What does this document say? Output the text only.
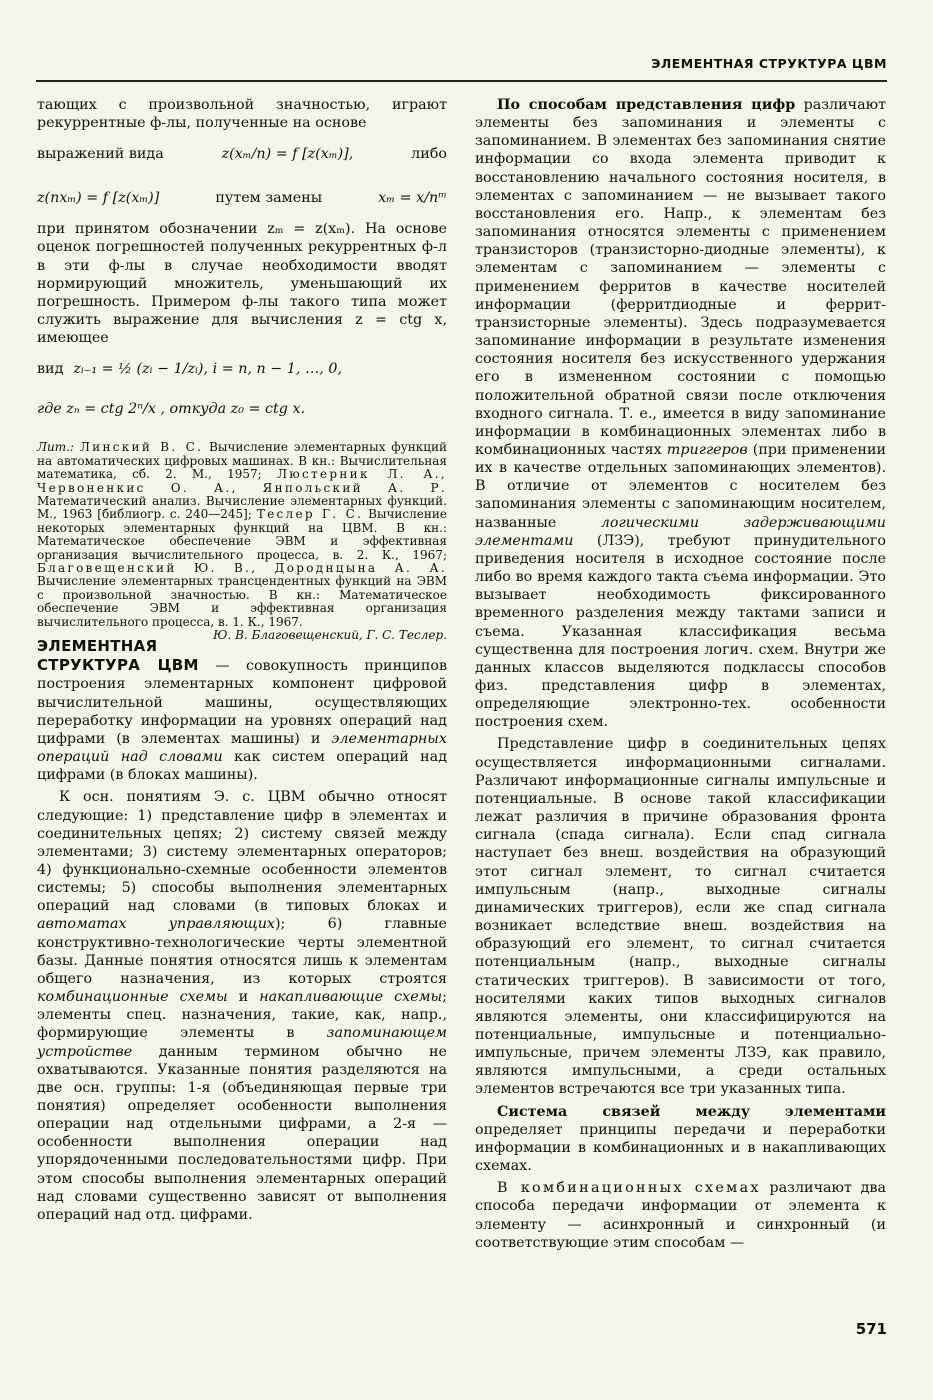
ЭЛЕМЕНТНАЯ СТРУКТУРА ЦВМ

тающих с произвольной значностью, играют рекуррентные ф-лы, полученные на основе

выражений вида	z(xₘ/n) = f [z(xₘ)],	либо
z(nxₘ) = f [z(xₘ)]	путем замены	xₘ = x/nᵐ

при принятом обозначении zₘ = z(xₘ). На основе оценок погрешностей полученных рекуррентных ф-л в эти ф-лы в случае необходимости вводят нормирующий множитель, уменьшающий их погрешность. Примером ф-лы такого типа может служить выражение для вычисления z = ctg x, имеющее

вид zᵢ₋₁ = ½ (zᵢ − 1/zᵢ), i = n, n − 1, …, 0,
где zₙ = ctg 2ⁿ/x , откуда z₀ = ctg x.

Лит.: Линский В. С. Вычисление элементарных функций на автоматических цифровых машинах. В кн.: Вычислительная математика, сб. 2. М., 1957; Люстерник Л. А., Червоненкис О. А., Янпольский А. Р. Математический анализ. Вычисление элементарных функций. М., 1963 [библиогр. с. 240—245]; Теслер Г. С. Вычисление некоторых элементарных функций на ЦВМ. В кн.: Математическое обеспечение ЭВМ и эффективная организация вычислительного процесса, в. 2. К., 1967; Благовещенский Ю. В., Дороднцына А. А. Вычисление элементарных трансцендентных функций на ЭВМ с произвольной значностью. В кн.: Математическое обеспечение ЭВМ и эффективная организация вычислительного процесса, в. 1. К., 1967.
Ю. В. Благовещенский, Г. С. Теслер.

ЭЛЕМЕНТНАЯ СТРУКТУРА ЦВМ — совокупность принципов построения элементарных компонент цифровой вычислительной машины, осуществляющих переработку информации на уровнях операций над цифрами (в элементах машины) и элементарных операций над словами как систем операций над цифрами (в блоках машины).

К осн. понятиям Э. с. ЦВМ обычно относят следующие: 1) представление цифр в элементах и соединительных цепях; 2) систему связей между элементами; 3) систему элементарных операторов; 4) функционально-схемные особенности элементов системы; 5) способы выполнения элементарных операций над словами (в типовых блоках и автоматах управляющих); 6) главные конструктивно-технологические черты элементной базы. Данные понятия относятся лишь к элементам общего назначения, из которых строятся комбинационные схемы и накапливающие схемы; элементы спец. назначения, такие, как, напр., формирующие элементы в запоминающем устройстве данным термином обычно не охватываются. Указанные понятия разделяются на две осн. группы: 1-я (объединяющая первые три понятия) определяет особенности выполнения операции над отдельными цифрами, а 2-я — особенности выполнения операции над упорядоченными последовательностями цифр. При этом способы выполнения элементарных операций над словами существенно зависят от выполнения операций над отд. цифрами.

По способам представления цифр различают элементы без запоминания и элементы с запоминанием. В элементах без запоминания снятие информации со входа элемента приводит к восстановлению начального состояния носителя, в элементах с запоминанием — не вызывает такого восстановления его. Напр., к элементам без запоминания относятся элементы с применением транзисторов (транзисторно-диодные элементы), к элементам с запоминанием — элементы с применением ферритов в качестве носителей информации (ферритдиодные и феррит-транзисторные элементы). Здесь подразумевается запоминание информации в результате изменения состояния носителя без искусственного удержания его в измененном состоянии с помощью положительной обратной связи после отключения входного сигнала. Т. е., имеется в виду запоминание информации в комбинационных элементах либо в комбинационных частях триггеров (при применении их в качестве отдельных запоминающих элементов). В отличие от элементов с носителем без запоминания элементы с запоминающим носителем, названные логическими задерживающими элементами (ЛЗЭ), требуют принудительного приведения носителя в исходное состояние после либо во время каждого такта съема информации. Это вызывает необходимость фиксированного временного разделения между тактами записи и съема. Указанная классификация весьма существенна для построения логич. схем. Внутри же данных классов выделяются подклассы способов физ. представления цифр в элементах, определяющие электронно-тех. особенности построения схем.

Представление цифр в соединительных цепях осуществляется информационными сигналами. Различают информационные сигналы импульсные и потенциальные. В основе такой классификации лежат различия в причине образования фронта сигнала (спада сигнала). Если спад сигнала наступает без внеш. воздействия на образующий этот сигнал элемент, то сигнал считается импульсным (напр., выходные сигналы динамических триггеров), если же спад сигнала возникает вследствие внеш. воздействия на образующий его элемент, то сигнал считается потенциальным (напр., выходные сигналы статических триггеров). В зависимости от того, носителями каких типов выходных сигналов являются элементы, они классифицируются на потенциальные, импульсные и потенциально-импульсные, причем элементы ЛЗЭ, как правило, являются импульсными, а среди остальных элементов встречаются все три указанных типа.

Система связей между элементами определяет принципы передачи и переработки информации в комбинационных и в накапливающих схемах.

В комбинационных схемах различают два способа передачи информации от элемента к элементу — асинхронный и синхронный (и соответствующие этим способам —

571
